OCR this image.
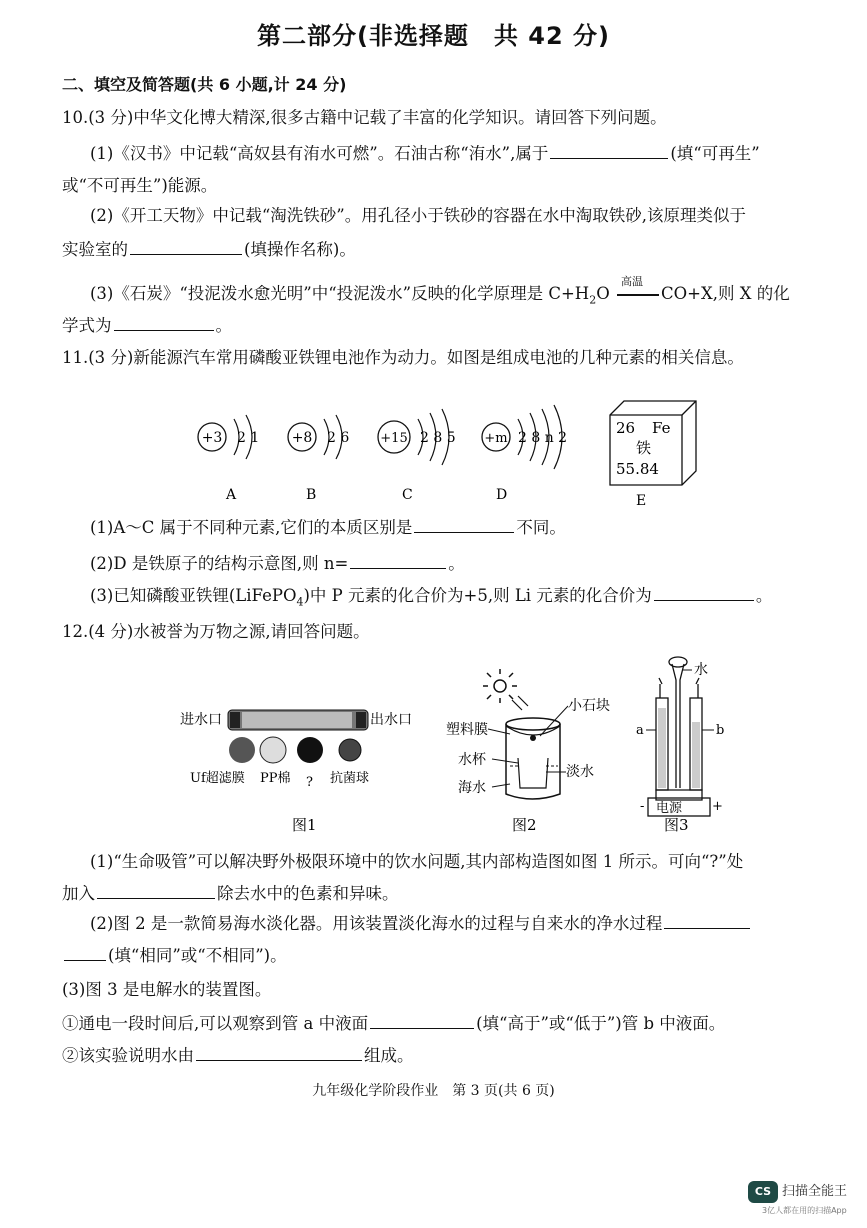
第二部分(非选择题　共 42 分)
二、填空及简答题(共 6 小题,计 24 分)
10.(3 分)中华文化博大精深,很多古籍中记载了丰富的化学知识。请回答下列问题。
(1)《汉书》中记载“高奴县有洧水可燃”。石油古称“洧水”,属于	(填“可再生”
或“不可再生”)能源。
(2)《开工天物》中记载“淘洗铁砂”。用孔径小于铁砂的容器在水中淘取铁砂,该原理类似于
实验室的	(填操作名称)。
(3)《石炭》“投泥泼水愈光明”中“投泥泼水”反映的化学原理是 $C+H_2O$
高温
CO+X,则 X 的化
学式为	。
11.(3 分)新能源汽车常用磷酸亚铁锂电池作为动力。如图是组成电池的几种元素的相关信息。
+3 2 1
A
+8 2 6
B
+15 2 8 5
C
+m 2 8 n 2
D
26 Fe
铁
55.84
E
(1)A～C 属于不同种元素,它们的本质区别是	不同。
(2)D 是铁原子的结构示意图,则 n=	。
(3)已知磷酸亚铁锂(LiFePO$_4$)中 P 元素的化合价为+5,则 Li 元素的化合价为	。
12.(4 分)水被誉为万物之源,请回答问题。
进水口	出水口
Uf超滤膜 PP棉 ? 抗菌球
图1
小石块
塑料膜
水杯
海水
淡水
图2
水
a	b
电源
-	+
图3
(1)“生命吸管”可以解决野外极限环境中的饮水问题,其内部构造图如图 1 所示。可向“?”处
加入	除去水中的色素和异味。
(2)图 2 是一款简易海水淡化器。用该装置淡化海水的过程与自来水的净水过程
(填“相同”或“不相同”)。
(3)图 3 是电解水的装置图。
①通电一段时间后,可以观察到管 a 中液面	(填“高于”或“低于”)管 b 中液面。
②该实验说明水由	组成。
九年级化学阶段作业　第 3 页(共 6 页)
CS 扫描全能王
3亿人都在用的扫描App
